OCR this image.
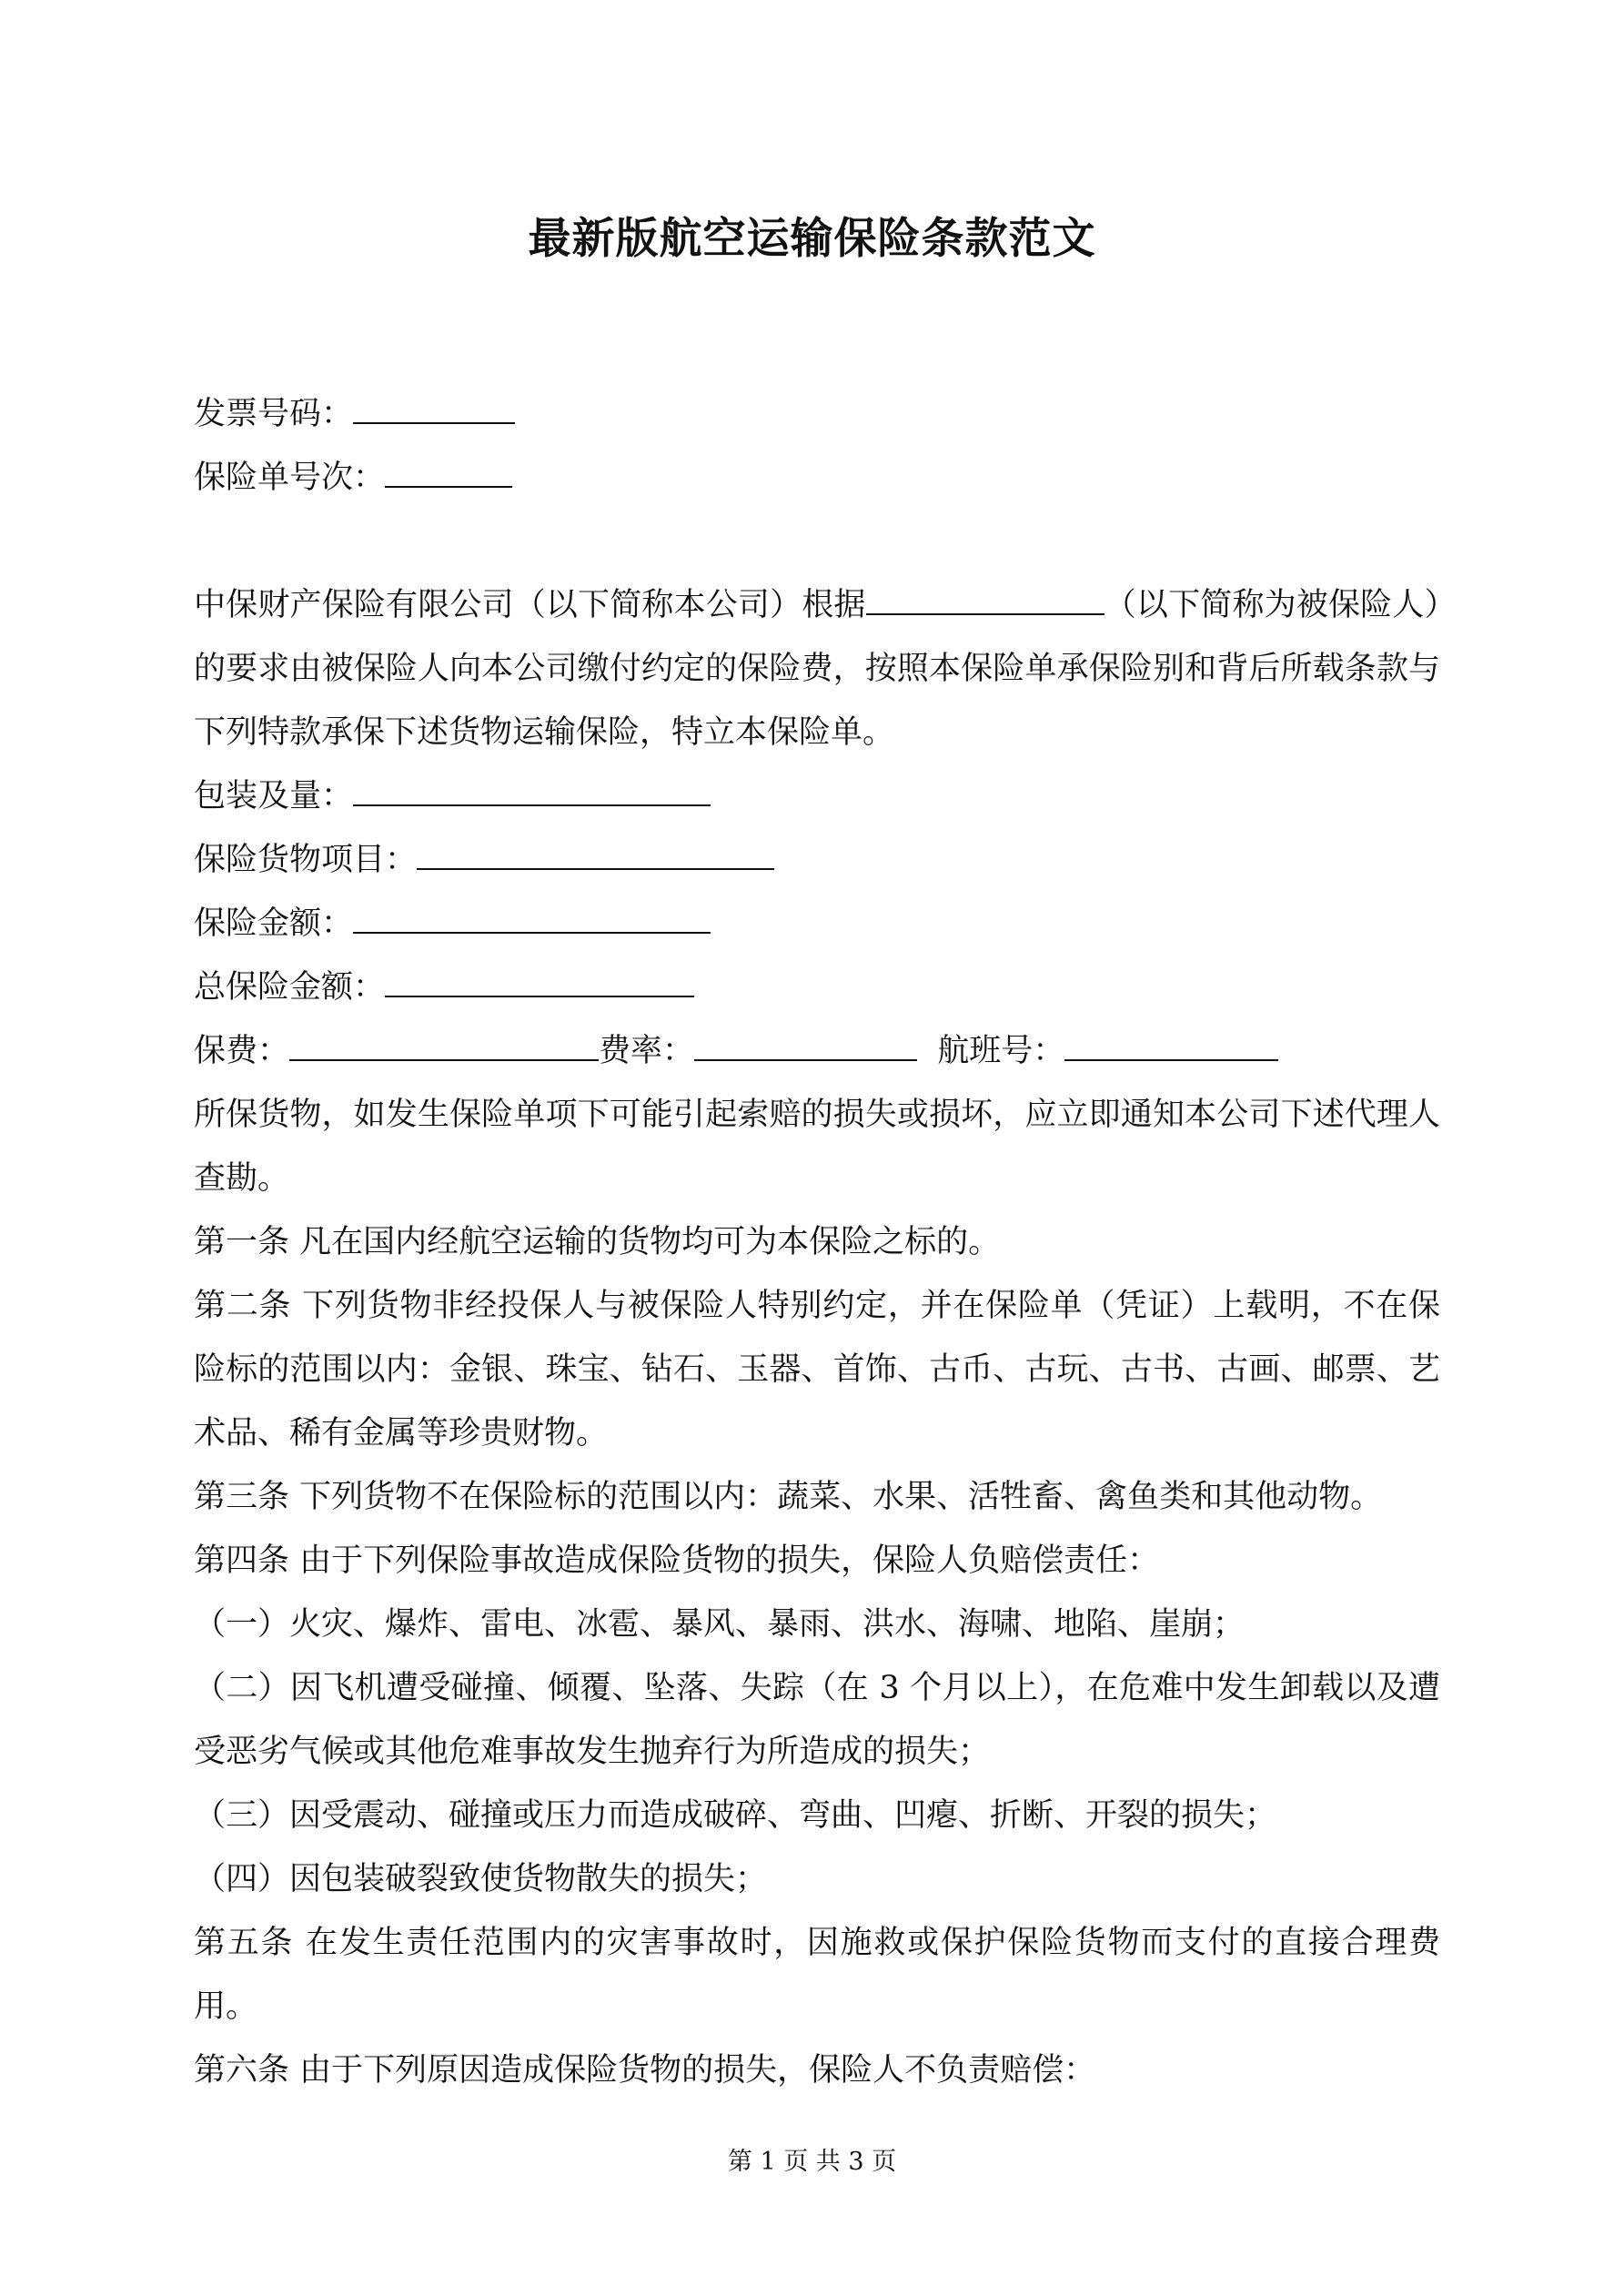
最新版航空运输保险条款范文

发票号码：

保险单号次：

中保财产保险有限公司（以下简称本公司）根据	（以下简称为被保险人）的要求由被保险人向本公司缴付约定的保险费，按照本保险单承保险别和背后所载条款与下列特款承保下述货物运输保险，特立本保险单。

包装及量：

保险货物项目：

保险金额：

总保险金额：

保费：	费率：	航班号：

所保货物，如发生保险单项下可能引起索赔的损失或损坏，应立即通知本公司下述代理人查勘。

第一条 凡在国内经航空运输的货物均可为本保险之标的。

第二条 下列货物非经投保人与被保险人特别约定，并在保险单（凭证）上载明，不在保险标的范围以内：金银、珠宝、钻石、玉器、首饰、古币、古玩、古书、古画、邮票、艺术品、稀有金属等珍贵财物。

第三条 下列货物不在保险标的范围以内：蔬菜、水果、活牲畜、禽鱼类和其他动物。

第四条 由于下列保险事故造成保险货物的损失，保险人负赔偿责任：

（一）火灾、爆炸、雷电、冰雹、暴风、暴雨、洪水、海啸、地陷、崖崩；

（二）因飞机遭受碰撞、倾覆、坠落、失踪（在 3 个月以上），在危难中发生卸载以及遭受恶劣气候或其他危难事故发生抛弃行为所造成的损失；

（三）因受震动、碰撞或压力而造成破碎、弯曲、凹瘪、折断、开裂的损失；

（四）因包装破裂致使货物散失的损失；

第五条 在发生责任范围内的灾害事故时，因施救或保护保险货物而支付的直接合理费用。

第六条 由于下列原因造成保险货物的损失，保险人不负责赔偿：

第 1 页 共 3 页
